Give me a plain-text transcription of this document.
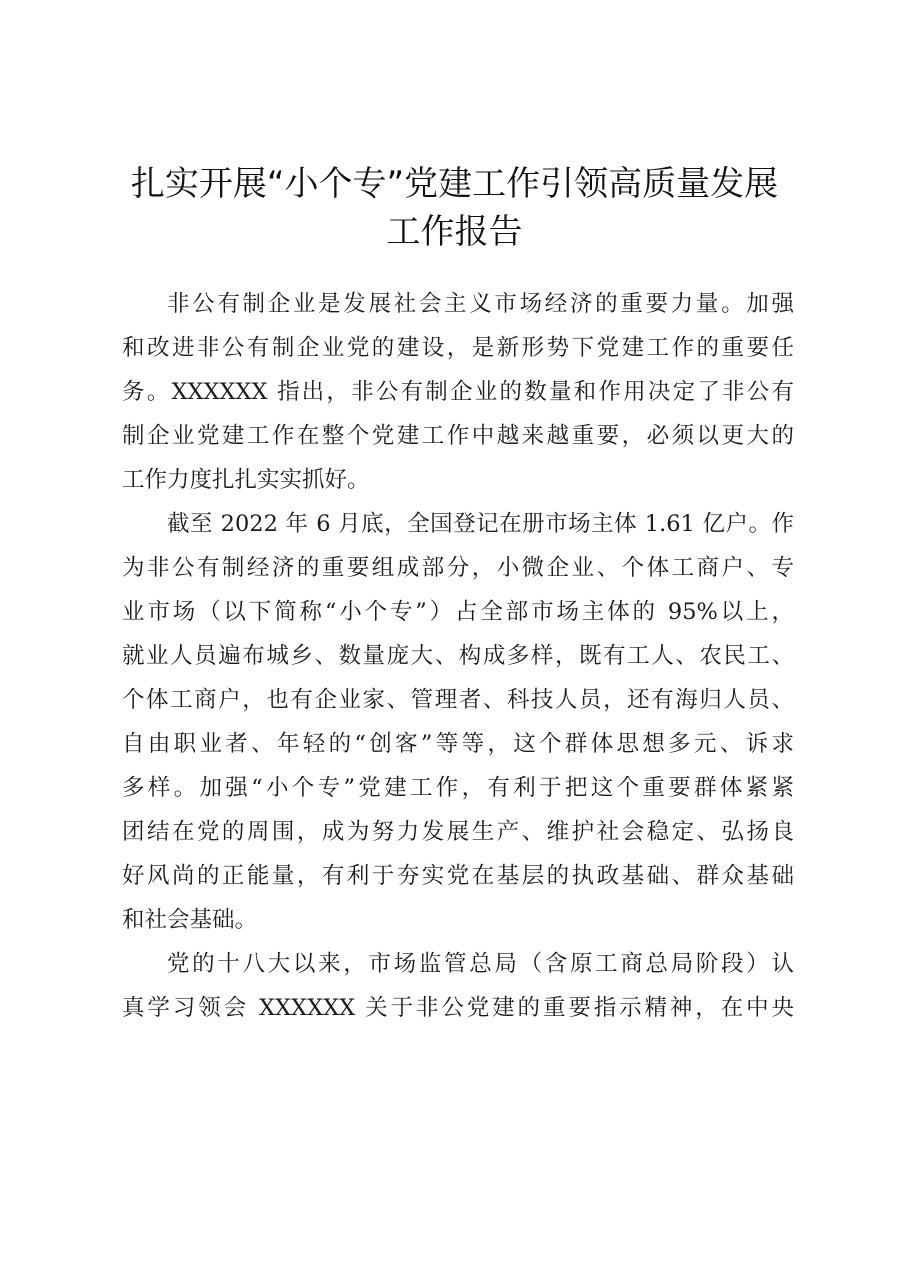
扎实开展“小个专”党建工作引领高质量发展
工作报告
非公有制企业是发展社会主义市场经济的重要力量。加强
和改进非公有制企业党的建设，是新形势下党建工作的重要任
务。XXXXXX 指出，非公有制企业的数量和作用决定了非公有
制企业党建工作在整个党建工作中越来越重要，必须以更大的
工作力度扎扎实实抓好。
截至 2022 年 6 月底，全国登记在册市场主体 1.61 亿户。作
为非公有制经济的重要组成部分，小微企业、个体工商户、专
业市场（以下简称“小个专”）占全部市场主体的 95%以上，
就业人员遍布城乡、数量庞大、构成多样，既有工人、农民工、
个体工商户，也有企业家、管理者、科技人员，还有海归人员、
自由职业者、年轻的“创客”等等，这个群体思想多元、诉求
多样。加强“小个专”党建工作，有利于把这个重要群体紧紧
团结在党的周围，成为努力发展生产、维护社会稳定、弘扬良
好风尚的正能量，有利于夯实党在基层的执政基础、群众基础
和社会基础。
党的十八大以来，市场监管总局（含原工商总局阶段）认
真学习领会 XXXXXX 关于非公党建的重要指示精神，在中央
